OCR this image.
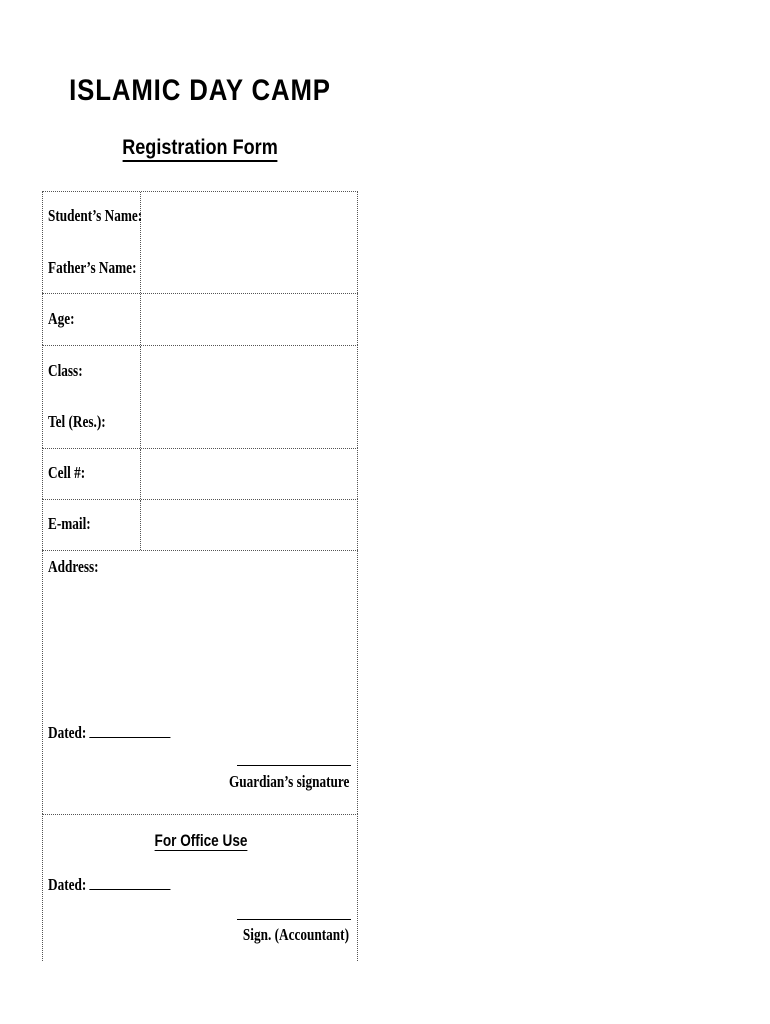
ISLAMIC DAY CAMP
Registration Form
Student’s Name:
Father’s Name:
Age:
Class:
Tel (Res.):
Cell #:
E-mail:
Address:
Dated:
Guardian’s signature
For Office Use
Dated:
Sign. (Accountant)
